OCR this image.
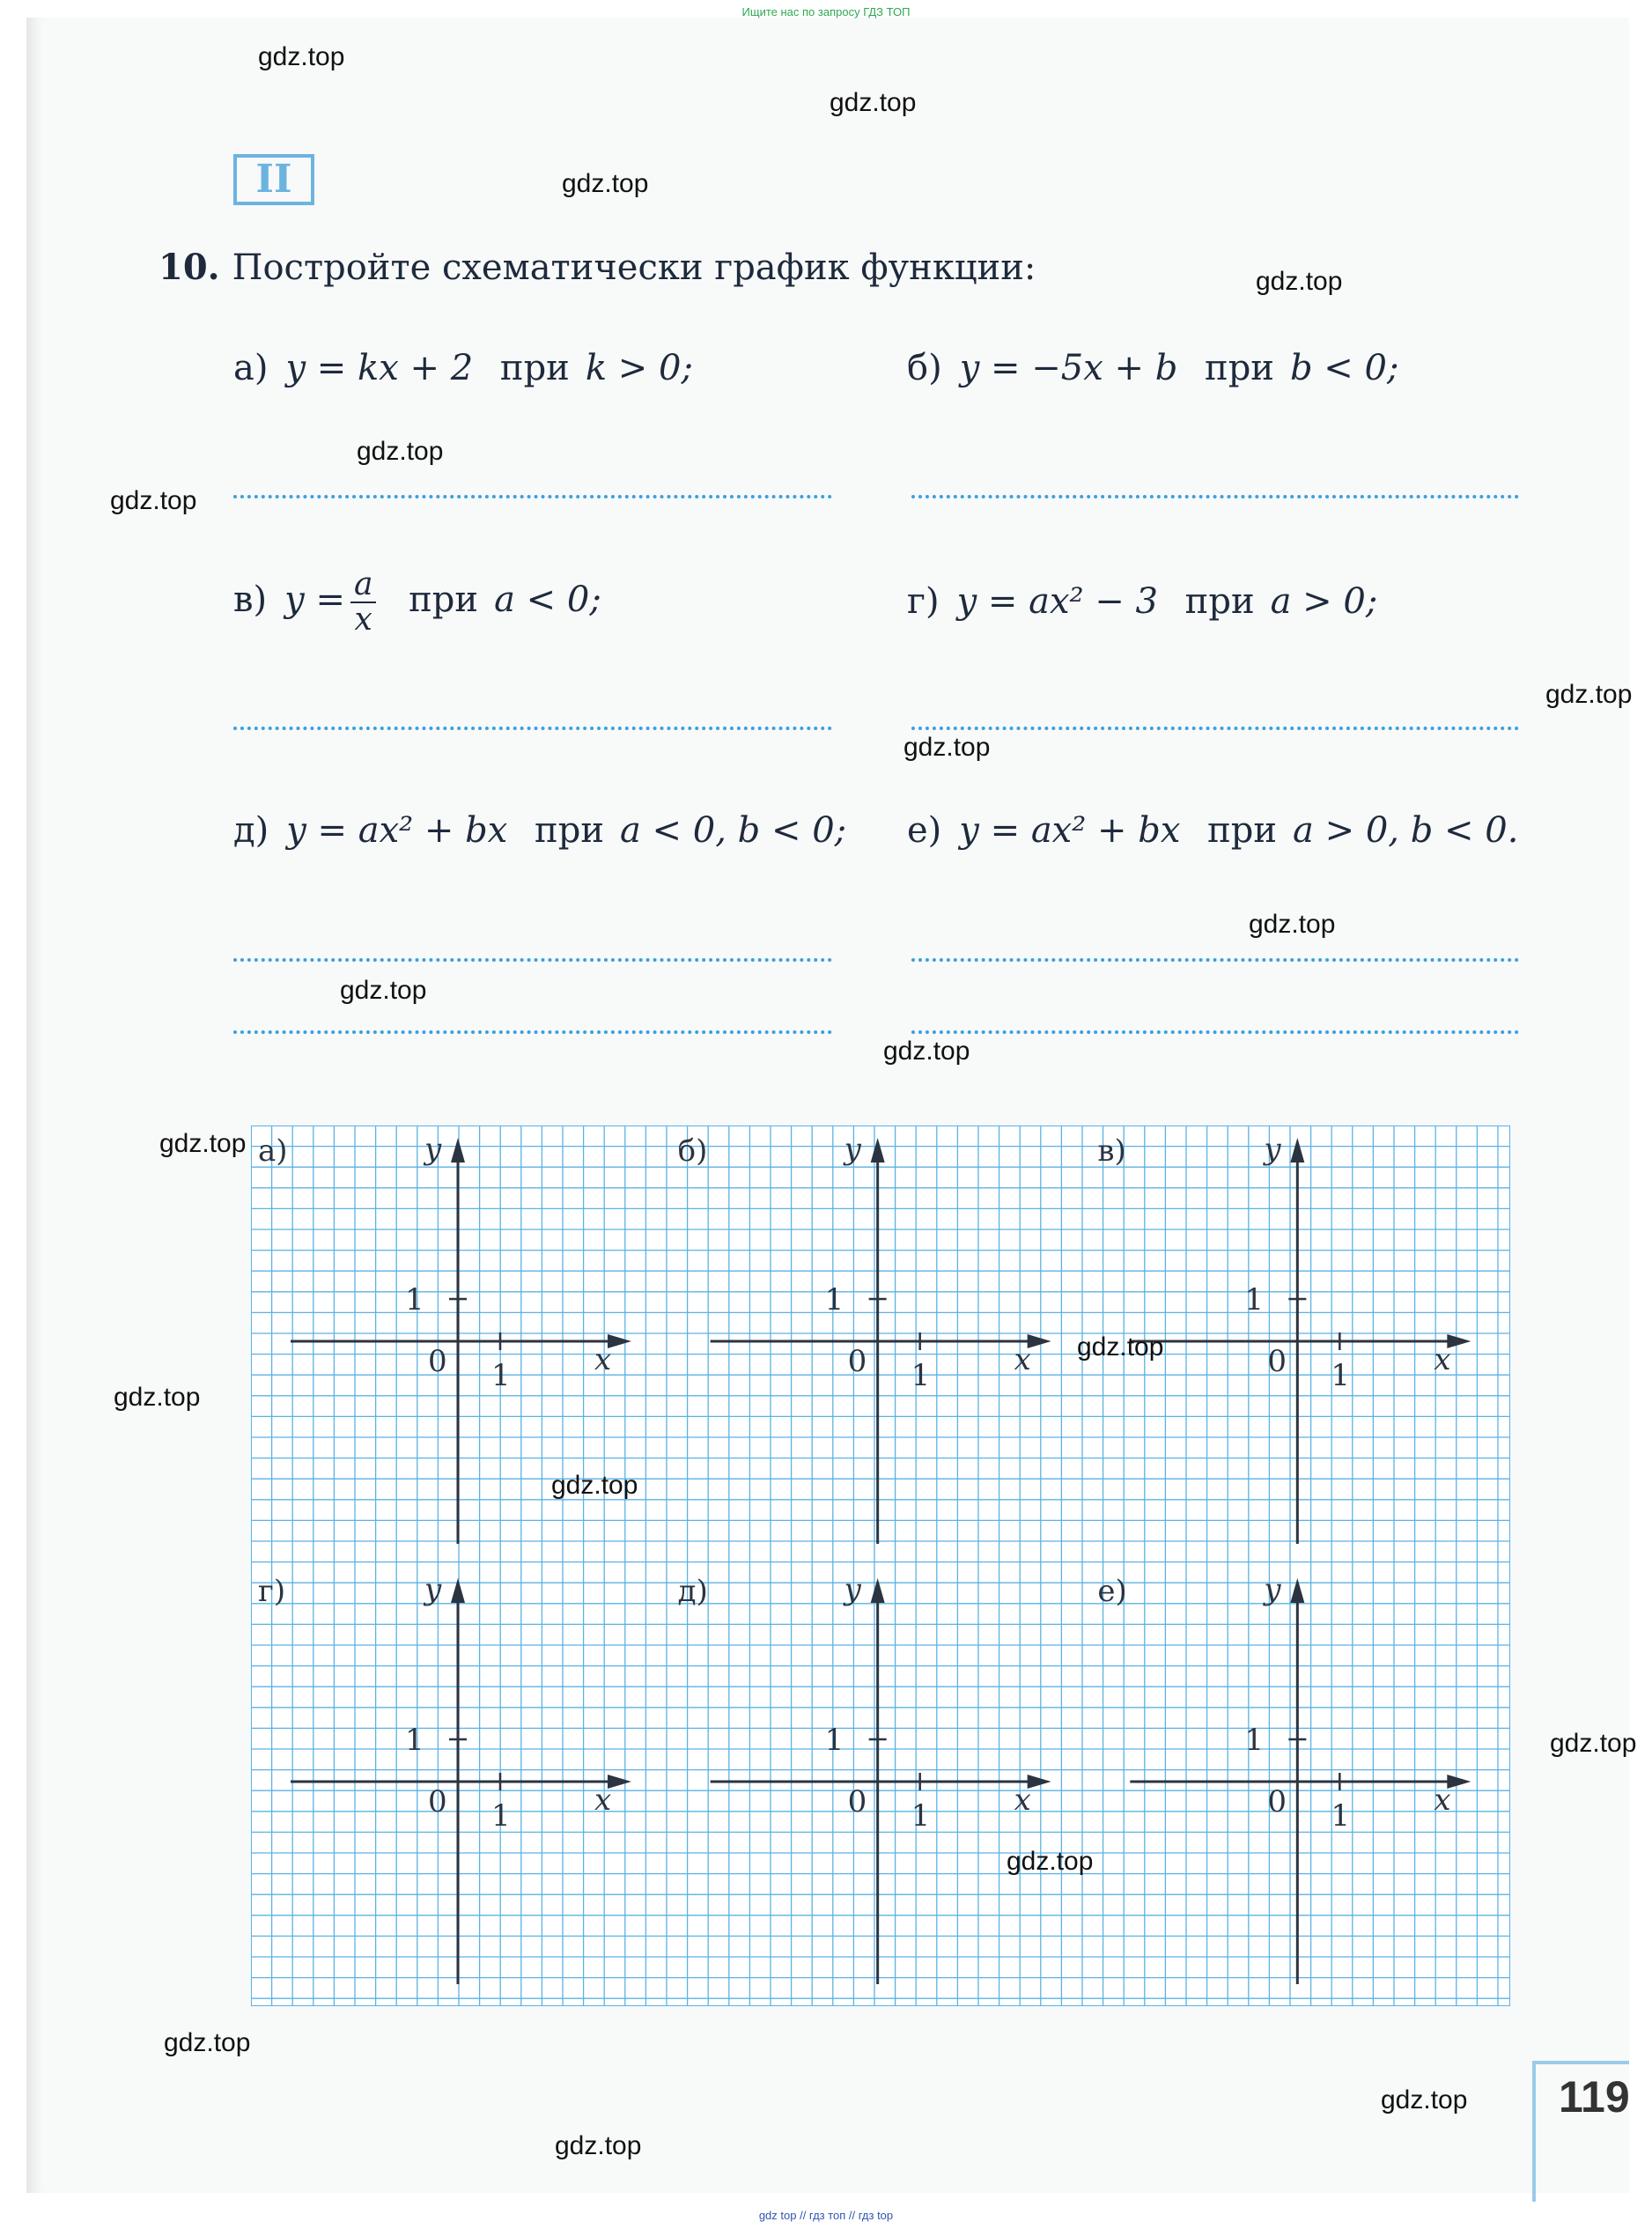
Ищите нас по запросу ГДЗ ТОП
II
10. Постройте схематически график функции:
а) y = kx + 2 при k > 0;	б) y = −5x + b при b < 0;
в) $y = \frac{a}{x}$ при a < 0;	г) y = ax² − 3 при a > 0;
д) y = ax² + bx при a < 0, b < 0; е) y = ax² + bx при a > 0, b < 0.
а)	y
x
1
1
0
б)	y
x
1
1
0
в)	y
x
1
1
0
г)	y
x
1
1
0
д)	y
x
1
1
0
е)	y
x
1
1
0
119
gdz.top
gdz.top
gdz.top
gdz.top
gdz.top
gdz.top
gdz.top
gdz.top
gdz.top
gdz.top
gdz.top
gdz.top
gdz.top
gdz.top
gdz.top
gdz.top
gdz.top
gdz.top
gdz.top
gdz.top
gdz top // гдз топ // гдз top
